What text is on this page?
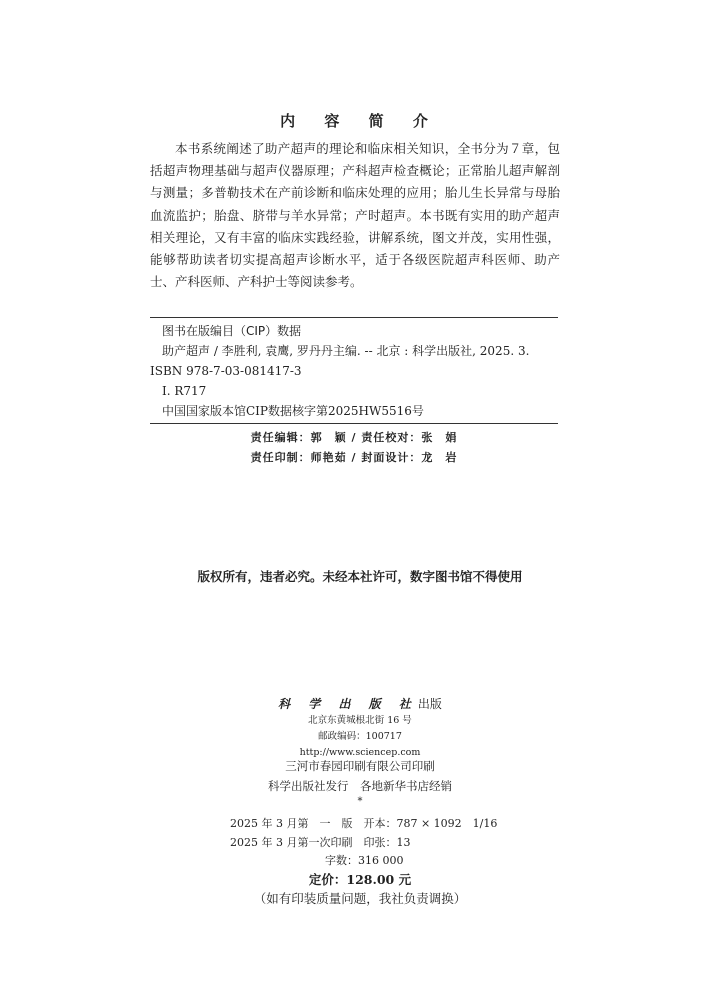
内 容 简 介

本书系统阐述了助产超声的理论和临床相关知识，全书分为７章，包括超声物理基础与超声仪器原理；产科超声检查概论；正常胎儿超声解剖与测量；多普勒技术在产前诊断和临床处理的应用；胎儿生长异常与母胎血流监护；胎盘、脐带与羊水异常；产时超声。本书既有实用的助产超声相关理论，又有丰富的临床实践经验，讲解系统，图文并茂，实用性强，能够帮助读者切实提高超声诊断水平，适于各级医院超声科医师、助产士、产科医师、产科护士等阅读参考。

图书在版编目（CIP）数据
助产超声 / 李胜利, 袁鹰, 罗丹丹主编. -- 北京 : 科学出版社, 2025. 3.
ISBN 978-7-03-081417-3
Ⅰ. R717
中国国家版本馆CIP数据核字第2025HW5516号
责任编辑：郭　颖 / 责任校对：张　娟
责任印制：师艳茹 / 封面设计：龙　岩
版权所有，违者必究。未经本社许可，数字图书馆不得使用
科 学 出 版 社出版
北京东黄城根北街 16 号
邮政编码：100717
http://www.sciencep.com
三河市春园印刷有限公司印刷
科学出版社发行　各地新华书店经销
*
2025 年 3 月第　一　版　开本：787 × 1092　1/16
2025 年 3 月第一次印刷　印张：13
字数：316 000
定价：128.00 元
（如有印装质量问题，我社负责调换）
